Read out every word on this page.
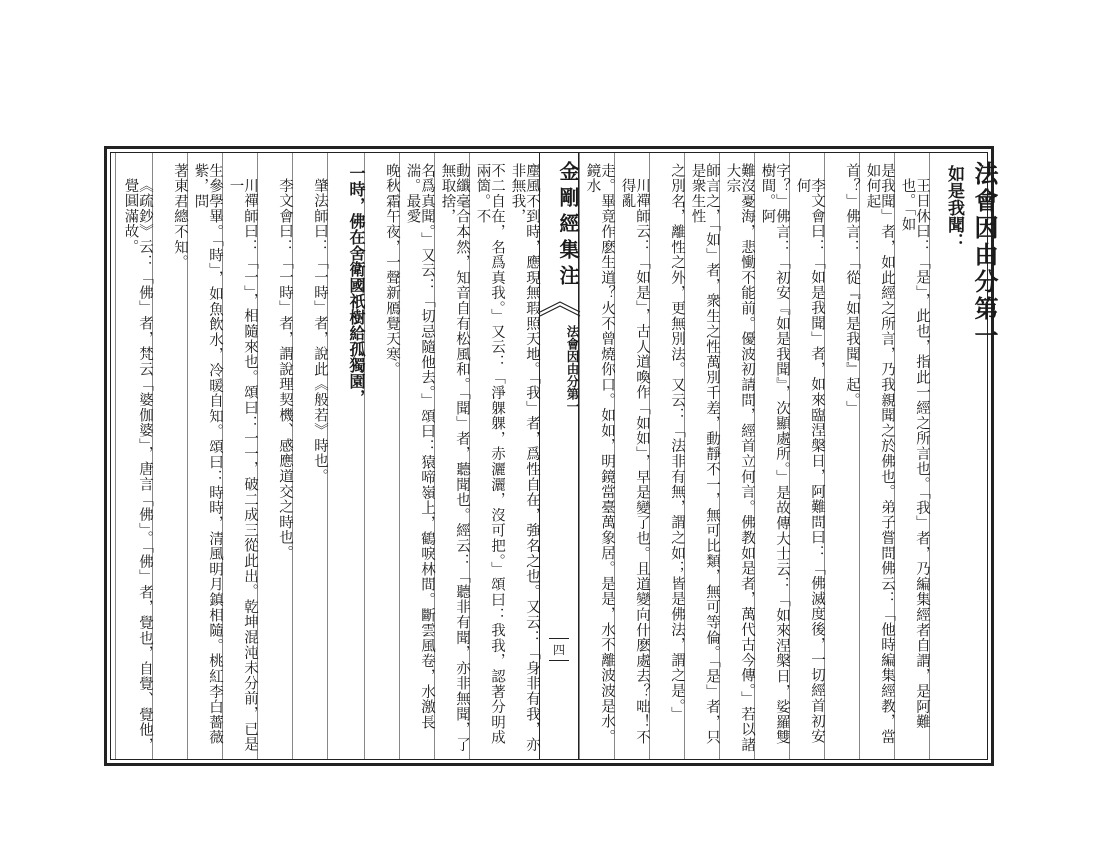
法會因由分第一
如是我聞：
王日休曰：「是」，此也，指此一經之所言也。「我」者，乃編集經者自謂，是阿難也。「如
是我聞」者，如此經之所言，乃我親聞之於佛也。弟子嘗問佛云：「他時編集經教，當如何起
首？」佛言：「從『如是我聞』起。」
李文會曰：「如是我聞」者，如來臨涅槃日，阿難問曰：「佛滅度後，一切經首初安何
字？」佛言：「初安『如是我聞』，次顯處所。」是故傳大士云：「如來涅槃日，娑羅雙樹間。阿
難沒憂海，悲慟不能前。優波初請問，經首立何言。佛教如是者，萬代古今傳。」若以諸大宗
師言之，「如」者，衆生之性萬別千差，動靜不一，無可比類，無可等倫。「是」者，只是衆生性
之別名，離性之外，更無別法。又云：「法非有無，謂之如；皆是佛法，謂之是。」
川禪師云：「如是」，古人道喚作「如如」，早是變了也。且道變向什麽處去？咄！不得亂
走。畢竟作麽生道？火不曾燒你口。如如，明鏡當臺萬象居。是是，水不離波波是水。鏡水
金剛經集注
法會因由分第一
四
塵風不到時，應現無瑕照天地。「我」者，爲性自在，強名之也。又云：「身非有我，亦非無我，
不二自在，名爲真我。」又云：「淨躶躶，赤灑灑，沒可把。」頌曰：我我，認著分明成兩箇。不
動纖毫合本然，知音自有松風和。「聞」者，聽聞也。經云：「聽非有聞，亦非無聞，了無取捨，
名爲真聞。」又云：「切忌隨他去。」頌曰：猿啼嶺上，鶴唳林間。斷雲風卷，水激長湍。最愛
晚秋霜午夜，一聲新鴈覺天寒。
一時，佛在舍衛國祇樹給孤獨園，
肇法師曰：「一時」者，說此《般若》時也。
李文會曰：「一時」者，謂說理契機、感應道交之時也。
川禪師曰：「一」，相隨來也。頌曰：一一，破二成三從此出。乾坤混沌未分前，已是一
生參學畢。「時」，如魚飲水，冷暖自知。頌曰：時時，清風明月鎮相隨。桃紅李白薔薇紫，問
著東君總不知。
《疏鈔》云：「佛」者，梵云「婆伽婆」，唐言「佛」。「佛」者，覺也，自覺、覺他，覺圓滿故。
